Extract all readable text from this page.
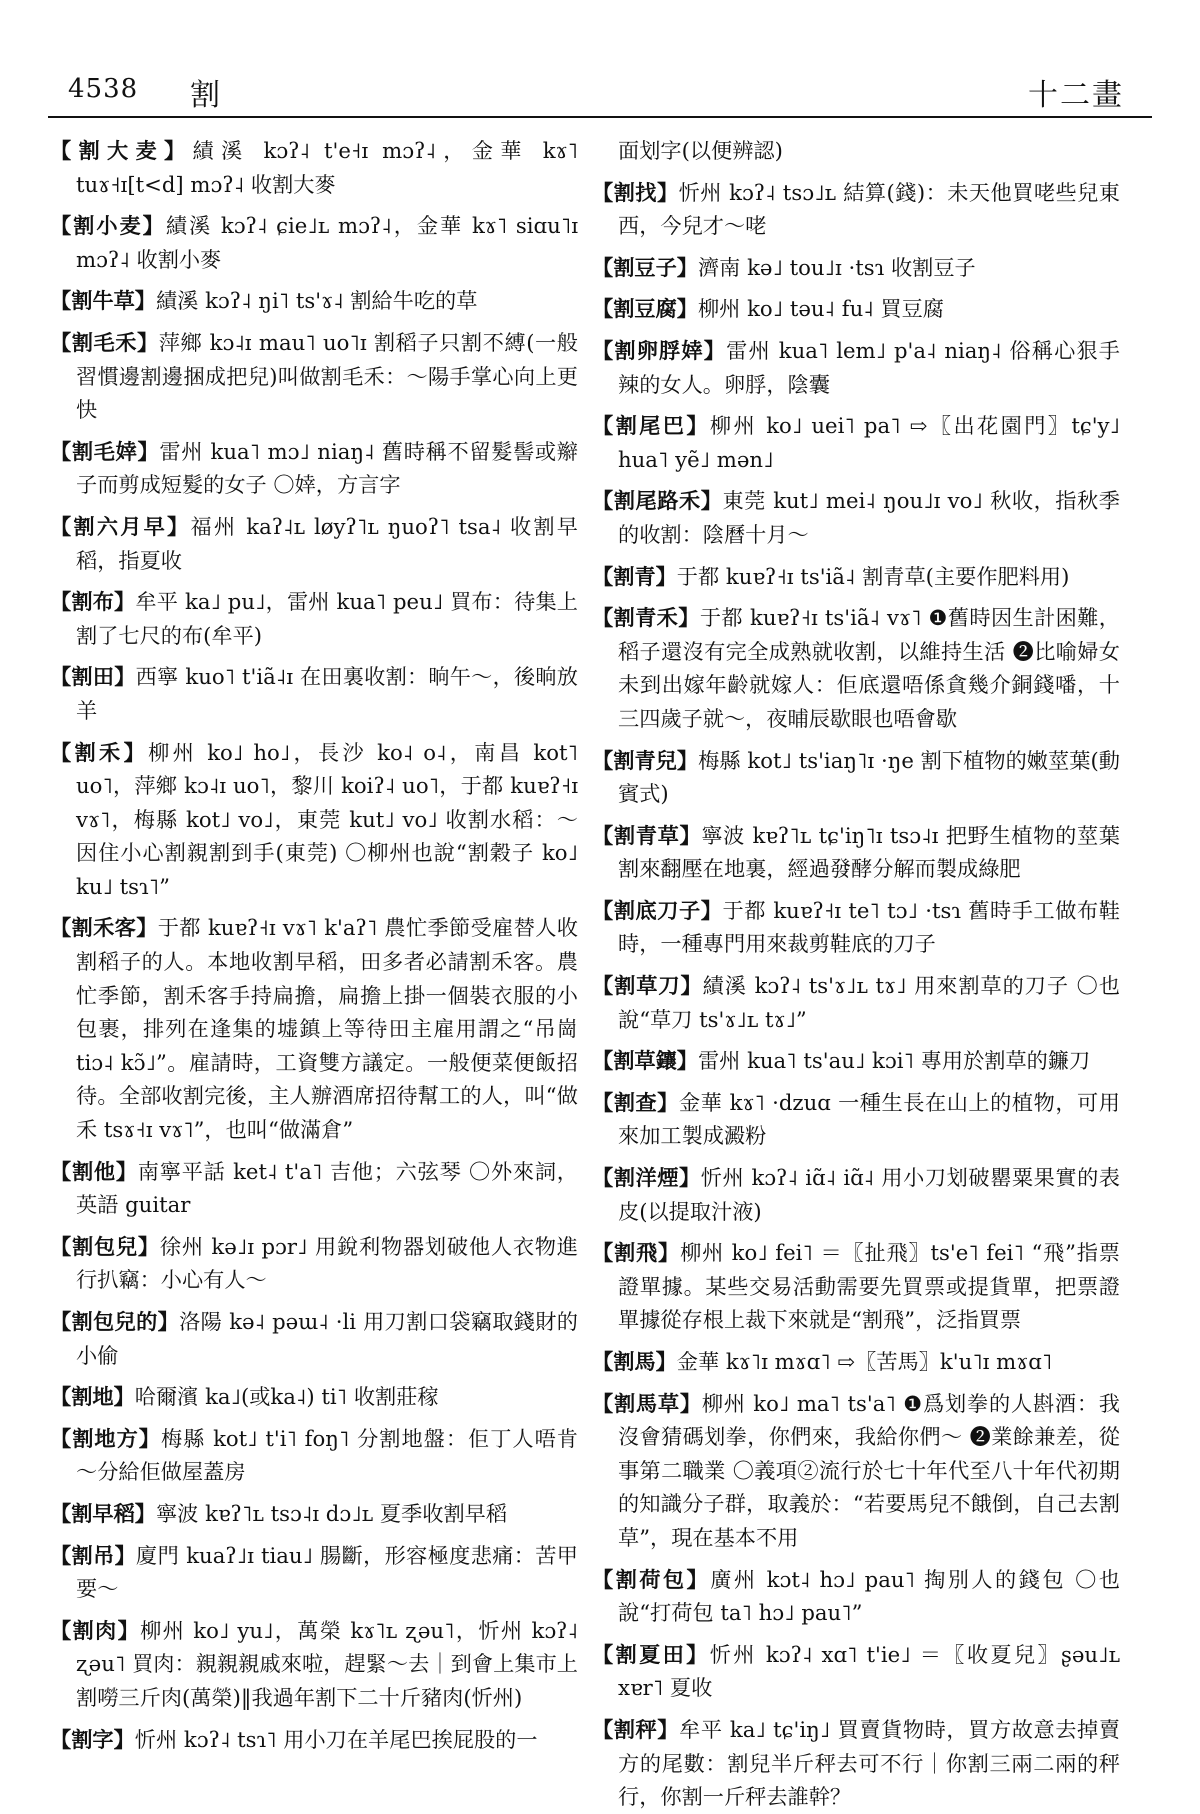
4538 割	十二畫
【割大麦】績溪 kɔʔ˨ t'e˧ɪ mɔʔ˨，金華 kɤ˥ tuɤ˧ɪ[t<d] mɔʔ˨ 收割大麥
【割小麦】績溪 kɔʔ˨ ɕie˩ʟ mɔʔ˨，金華 kɤ˥ siɑu˥ɪ mɔʔ˨ 收割小麥
【割牛草】績溪 kɔʔ˨ ŋi˥ ts'ɤ˨ 割給牛吃的草
【割毛禾】萍鄉 kɔ˨ɪ mau˥ uo˥ɪ 割稻子只割不縛(一般習慣邊割邊捆成把兒)叫做割毛禾：～陽手掌心向上更快
【割毛婞】雷州 kua˥ mɔ˩ niaŋ˨ 舊時稱不留髮髻或辮子而剪成短髮的女子 〇婞，方言字
【割六月早】福州 kaʔ˨ʟ løyʔ˥ʟ ŋuoʔ˥ tsa˨ 收割早稻，指夏收
【割布】牟平 ka˩ pu˩，雷州 kua˥ peu˩ 買布：待集上割了七尺的布(牟平)
【割田】西寧 kuo˥ t'iã˨ɪ 在田裏收割：晌午～，後晌放羊
【割禾】柳州 ko˩ ho˩，長沙 ko˨ o˨，南昌 kot˥ uo˥，萍鄉 kɔ˨ɪ uo˥，黎川 koiʔ˨ uo˥，于都 kuɐʔ˧ɪ vɤ˥，梅縣 kot˩ vo˩，東莞 kut˩ vo˩ 收割水稻：～因住小心割親割到手(東莞) 〇柳州也說“割穀子 ko˩ ku˩ tsɿ˥”
【割禾客】于都 kuɐʔ˧ɪ vɤ˥ k'aʔ˥ 農忙季節受雇替人收割稻子的人。本地收割早稻，田多者必請割禾客。農忙季節，割禾客手持扁擔，扁擔上掛一個裝衣服的小包裹，排列在逢集的墟鎮上等待田主雇用謂之“吊崗 tiɔ˨ kɔ̃˩”。雇請時，工資雙方議定。一般便菜便飯招待。全部收割完後，主人辦酒席招待幫工的人，叫“做禾 tsɤ˧ɪ vɤ˥”，也叫“做滿倉”
【割他】南寧平話 ket˨ t'a˥ 吉他；六弦琴 〇外來詞，英語 guitar
【割包兒】徐州 kə˩ɪ pɔr˩ 用銳利物器划破他人衣物進行扒竊：小心有人～
【割包兒的】洛陽 kə˨ pəɯ˨ ·li 用刀割口袋竊取錢財的小偷
【割地】哈爾濱 ka˩(或ka˨) ti˥ 收割莊稼
【割地方】梅縣 kot˩ t'i˥ foŋ˥ 分割地盤：佢丁人唔肯～分給佢做屋蓋房
【割早稻】寧波 kɐʔ˥ʟ tsɔ˨ɪ dɔ˩ʟ 夏季收割早稻
【割吊】廈門 kuaʔ˩ɪ tiau˩ 腸斷，形容極度悲痛：苦甲要～
【割肉】柳州 ko˩ yu˩，萬榮 kɤ˥ʟ ʐəu˥，忻州 kɔʔ˨ ʐəu˥ 買肉：親親親戚來啦，趕緊～去｜到會上集市上割嘮三斤肉(萬榮)‖我過年割下二十斤豬肉(忻州)
【割字】忻州 kɔʔ˨ tsɿ˥ 用小刀在羊尾巴挨屁股的一
面划字(以便辨認)
【割找】忻州 kɔʔ˨ tsɔ˩ʟ 結算(錢)：未天他買咾些兒東西，今兒才～咾
【割豆子】濟南 kə˩ tou˩ɪ ·tsɿ 收割豆子
【割豆腐】柳州 ko˩ təu˨ fu˨ 買豆腐
【割卵脬婞】雷州 kua˥ lem˩ p'a˨ niaŋ˨ 俗稱心狠手辣的女人。卵脬，陰囊
【割尾巴】柳州 ko˩ uei˥ pa˥ ⇨〖出花園門〗tɕ'y˩ hua˥ yẽ˩ mən˩
【割尾路禾】東莞 kut˩ mei˨ ŋou˩ɪ vo˩ 秋收，指秋季的收割：陰曆十月～
【割青】于都 kuɐʔ˧ɪ ts'iã˨ 割青草(主要作肥料用)
【割青禾】于都 kuɐʔ˧ɪ ts'iã˨ vɤ˥ ❶舊時因生計困難，稻子還沒有完全成熟就收割，以維持生活 ❷比喻婦女未到出嫁年齡就嫁人：佢底還唔係貪幾介銅錢噃，十三四歲子就～，夜晡辰歇眼也唔會歇
【割青兒】梅縣 kot˩ ts'iaŋ˥ɪ ·ŋe 割下植物的嫩莖葉(動賓式)
【割青草】寧波 kɐʔ˥ʟ tɕ'iŋ˥ɪ tsɔ˨ɪ 把野生植物的莖葉割來翻壓在地裏，經過發酵分解而製成綠肥
【割底刀子】于都 kuɐʔ˧ɪ te˥ tɔ˩ ·tsɿ 舊時手工做布鞋時，一種專門用來裁剪鞋底的刀子
【割草刀】績溪 kɔʔ˨ ts'ɤ˩ʟ tɤ˩ 用來割草的刀子 〇也說“草刀 ts'ɤ˩ʟ tɤ˩”
【割草鑲】雷州 kua˥ ts'au˩ kɔi˥ 專用於割草的鐮刀
【割查】金華 kɤ˥ ·dzuɑ 一種生長在山上的植物，可用來加工製成澱粉
【割洋煙】忻州 kɔʔ˨ iɑ̃˨ iɑ̃˨ 用小刀划破罌粟果實的表皮(以提取汁液)
【割飛】柳州 ko˩ fei˥ ＝〖扯飛〗ts'e˥ fei˥ “飛”指票證單據。某些交易活動需要先買票或提貨單，把票證單據從存根上裁下來就是“割飛”，泛指買票
【割馬】金華 kɤ˥ɪ mɤɑ˥ ⇨〖苦馬〗k'u˥ɪ mɤɑ˥
【割馬草】柳州 ko˩ ma˥ ts'a˥ ❶爲划拳的人斟酒：我沒會猜碼划拳，你們來，我給你們～ ❷業餘兼差，從事第二職業 〇義項②流行於七十年代至八十年代初期的知識分子群，取義於：“若要馬兒不餓倒，自己去割草”，現在基本不用
【割荷包】廣州 kɔt˨ hɔ˩ pau˥ 掏別人的錢包 〇也說“打荷包 ta˥ hɔ˩ pau˥”
【割夏田】忻州 kɔʔ˨ xɑ˥ t'ie˩ ＝〖收夏兒〗ʂəu˩ʟ xɐr˥ 夏收
【割秤】牟平 ka˩ tɕ'iŋ˩ 買賣貨物時，買方故意去掉賣方的尾數：割兒半斤秤去可不行｜你割三兩二兩的秤行，你割一斤秤去誰幹？
